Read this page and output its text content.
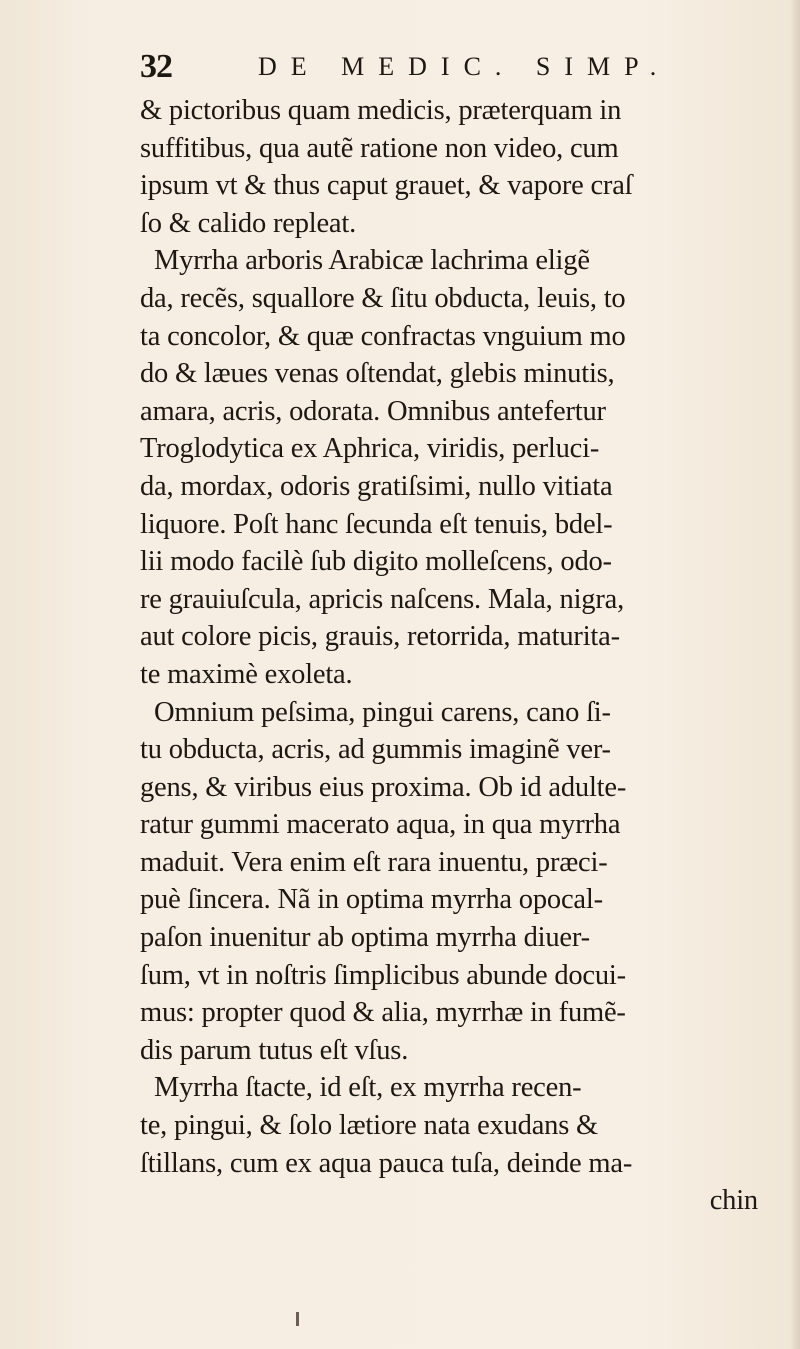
32	DE MEDIC. SIMP.
& pictoribus quam medicis, præterquam in
suffitibus, qua autẽ ratione non video, cum
ipsum vt & thus caput grauet, & vapore craſ
ſo & calido repleat.
Myrrha arboris Arabicæ lachrima eligẽ
da, recẽs, squallore & ſitu obducta, leuis, to
ta concolor, & quæ confractas vnguium mo
do & læues venas oſtendat, glebis minutis,
amara, acris, odorata. Omnibus antefertur
Troglodytica ex Aphrica, viridis, perluci-
da, mordax, odoris gratiſsimi, nullo vitiata
liquore. Poſt hanc ſecunda eſt tenuis, bdel-
lii modo facilè ſub digito molleſcens, odo-
re grauiuſcula, apricis naſcens. Mala, nigra,
aut colore picis, grauis, retorrida, maturita-
te maximè exoleta.
Omnium peſsima, pingui carens, cano ſi-
tu obducta, acris, ad gummis imaginẽ ver-
gens, & viribus eius proxima. Ob id adulte-
ratur gummi macerato aqua, in qua myrrha
maduit. Vera enim eſt rara inuentu, præci-
puè ſincera. Nã in optima myrrha opocal-
paſon inuenitur ab optima myrrha diuer-
ſum, vt in noſtris ſimplicibus abunde docui-
mus: propter quod & alia, myrrhæ in fumẽ-
dis parum tutus eſt vſus.
Myrrha ſtacte, id eſt, ex myrrha recen-
te, pingui, & ſolo lætiore nata exudans &
ſtillans, cum ex aqua pauca tuſa, deinde ma-
chin
